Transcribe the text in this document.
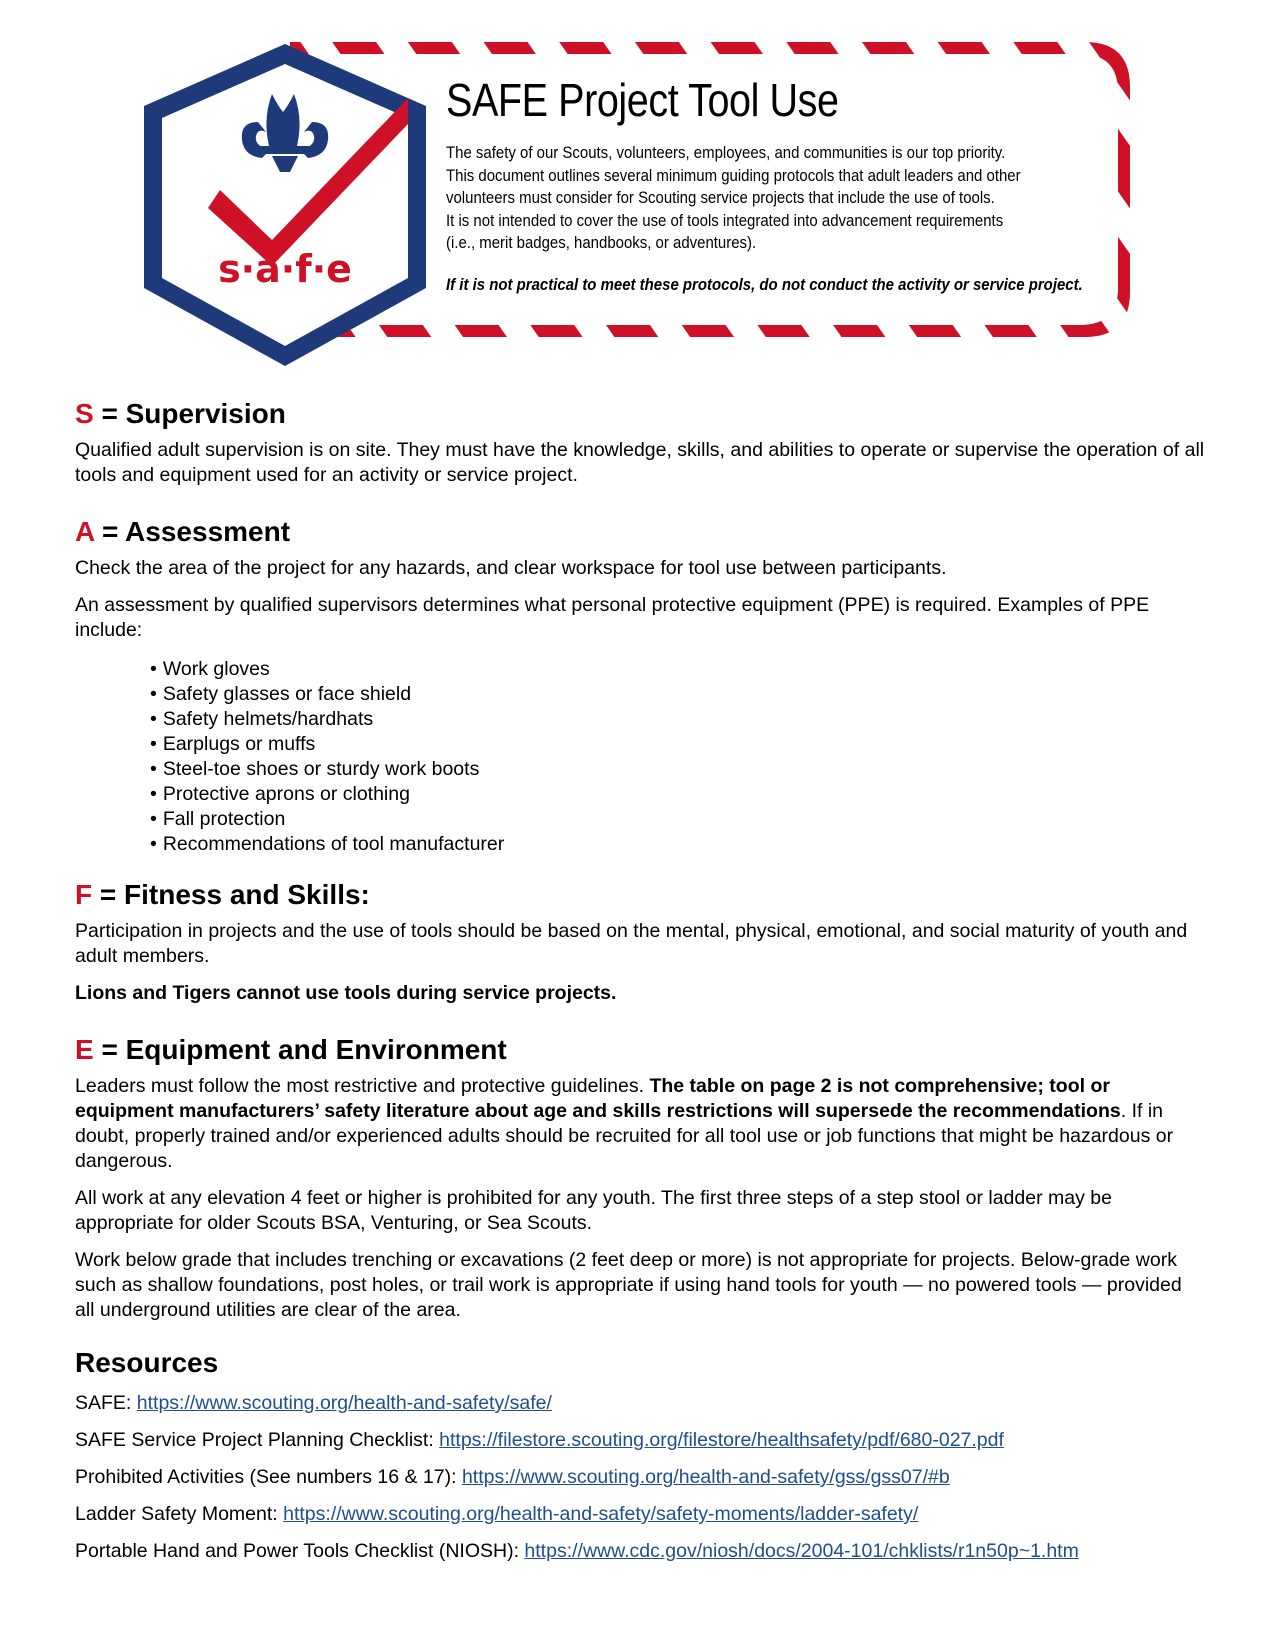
s·a·f·e
SAFE Project Tool Use

The safety of our Scouts, volunteers, employees, and communities is our top priority.

This document outlines several minimum guiding protocols that adult leaders and other

volunteers must consider for Scouting service projects that include the use of tools.

It is not intended to cover the use of tools integrated into advancement requirements

(i.e., merit badges, handbooks, or adventures).

If it is not practical to meet these protocols, do not conduct the activity or service project.

S = Supervision

Qualified adult supervision is on site. They must have the knowledge, skills, and abilities to operate or supervise the operation of all tools and equipment used for an activity or service project.

A = Assessment

Check the area of the project for any hazards, and clear workspace for tool use between participants.

An assessment by qualified supervisors determines what personal protective equipment (PPE) is required. Examples of PPE include:

• Work gloves
• Safety glasses or face shield
• Safety helmets/hardhats
• Earplugs or muffs
• Steel-toe shoes or sturdy work boots
• Protective aprons or clothing
• Fall protection
• Recommendations of tool manufacturer
F = Fitness and Skills:

Participation in projects and the use of tools should be based on the mental, physical, emotional, and social maturity of youth and adult members.

Lions and Tigers cannot use tools during service projects.

E = Equipment and Environment

Leaders must follow the most restrictive and protective guidelines. The table on page 2 is not comprehensive; tool or equipment manufacturers’ safety literature about age and skills restrictions will supersede the recommendations. If in doubt, properly trained and/or experienced adults should be recruited for all tool use or job functions that might be hazardous or dangerous.

All work at any elevation 4 feet or higher is prohibited for any youth. The first three steps of a step stool or ladder may be appropriate for older Scouts BSA, Venturing, or Sea Scouts.

Work below grade that includes trenching or excavations (2 feet deep or more) is not appropriate for projects. Below-grade work such as shallow foundations, post holes, or trail work is appropriate if using hand tools for youth — no powered tools — provided all underground utilities are clear of the area.

Resources
SAFE: https://www.scouting.org/health-and-safety/safe/
SAFE Service Project Planning Checklist: https://filestore.scouting.org/filestore/healthsafety/pdf/680-027.pdf
Prohibited Activities (See numbers 16 & 17): https://www.scouting.org/health-and-safety/gss/gss07/#b
Ladder Safety Moment: https://www.scouting.org/health-and-safety/safety-moments/ladder-safety/
Portable Hand and Power Tools Checklist (NIOSH): https://www.cdc.gov/niosh/docs/2004-101/chklists/r1n50p~1.htm
